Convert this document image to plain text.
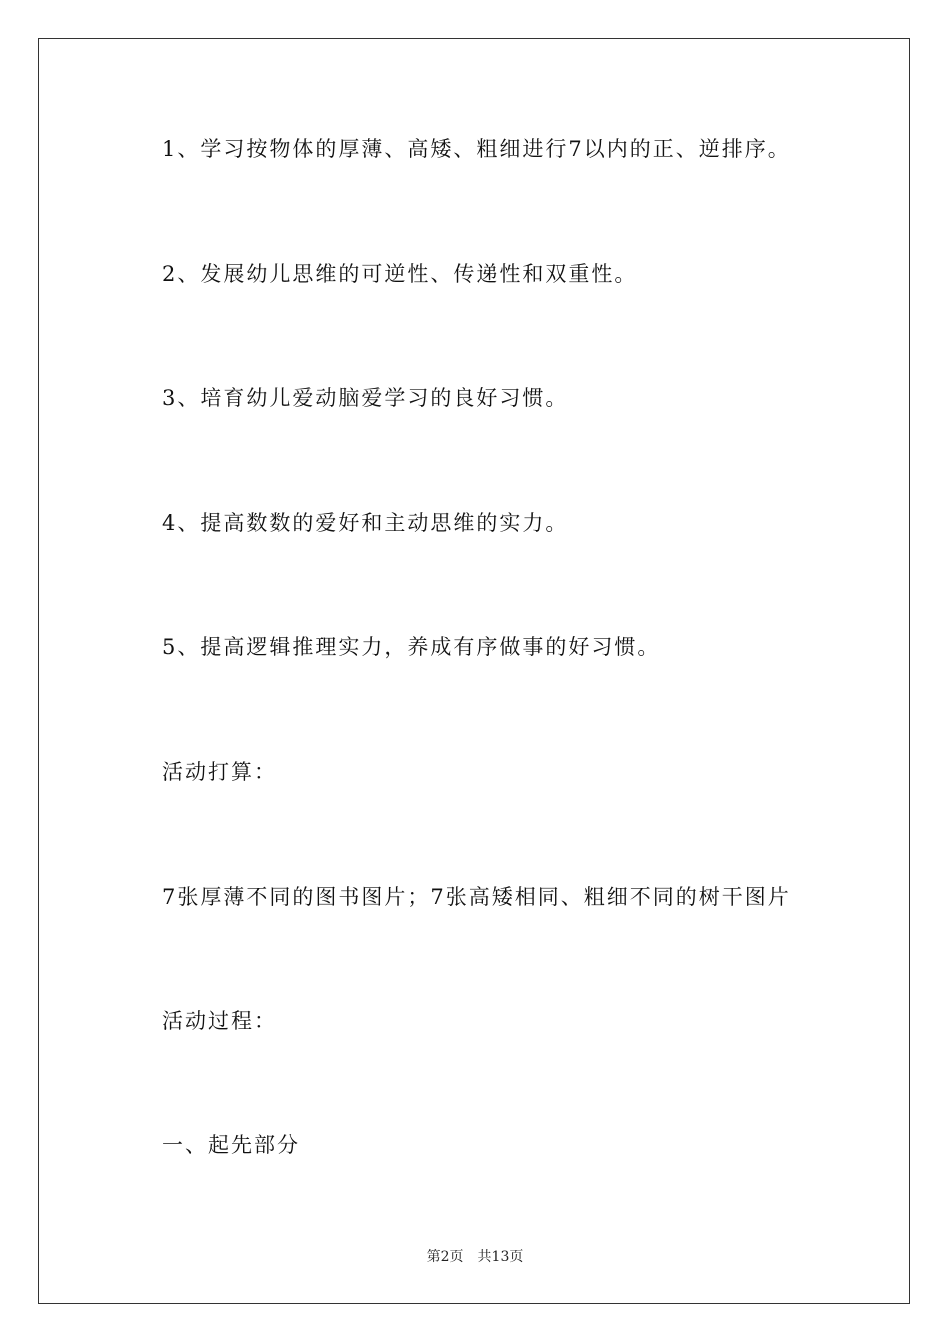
1、学习按物体的厚薄、高矮、粗细进行7以内的正、逆排序。

2、发展幼儿思维的可逆性、传递性和双重性。

3、培育幼儿爱动脑爱学习的良好习惯。

4、提高数数的爱好和主动思维的实力。

5、提高逻辑推理实力，养成有序做事的好习惯。

活动打算：

7张厚薄不同的图书图片；7张高矮相同、粗细不同的树干图片

活动过程：

一、起先部分

第2页 共13页
